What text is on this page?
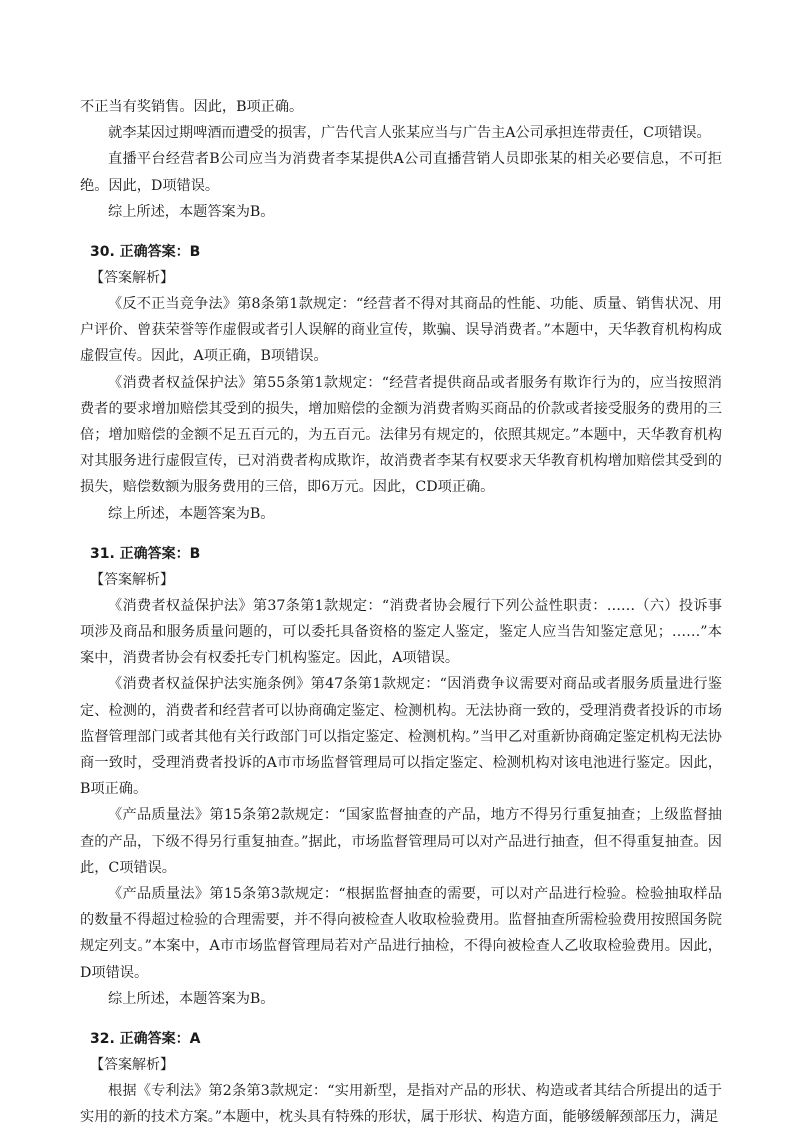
不正当有奖销售。因此，B项正确。

就李某因过期啤酒而遭受的损害，广告代言人张某应当与广告主A公司承担连带责任，C项错误。

直播平台经营者B公司应当为消费者李某提供A公司直播营销人员即张某的相关必要信息，不可拒绝。因此，D项错误。

综上所述，本题答案为B。

30. 正确答案：B

【答案解析】

《反不正当竞争法》第8条第1款规定：“经营者不得对其商品的性能、功能、质量、销售状况、用户评价、曾获荣誉等作虚假或者引人误解的商业宣传，欺骗、误导消费者。”本题中，天华教育机构构成虚假宣传。因此，A项正确，B项错误。

《消费者权益保护法》第55条第1款规定：“经营者提供商品或者服务有欺诈行为的，应当按照消费者的要求增加赔偿其受到的损失，增加赔偿的金额为消费者购买商品的价款或者接受服务的费用的三倍；增加赔偿的金额不足五百元的，为五百元。法律另有规定的，依照其规定。”本题中，天华教育机构对其服务进行虚假宣传，已对消费者构成欺诈，故消费者李某有权要求天华教育机构增加赔偿其受到的损失，赔偿数额为服务费用的三倍，即6万元。因此，CD项正确。

综上所述，本题答案为B。

31. 正确答案：B

【答案解析】

《消费者权益保护法》第37条第1款规定：“消费者协会履行下列公益性职责：……（六）投诉事项涉及商品和服务质量问题的，可以委托具备资格的鉴定人鉴定，鉴定人应当告知鉴定意见；……”本案中，消费者协会有权委托专门机构鉴定。因此，A项错误。

《消费者权益保护法实施条例》第47条第1款规定：“因消费争议需要对商品或者服务质量进行鉴定、检测的，消费者和经营者可以协商确定鉴定、检测机构。无法协商一致的，受理消费者投诉的市场监督管理部门或者其他有关行政部门可以指定鉴定、检测机构。”当甲乙对重新协商确定鉴定机构无法协商一致时，受理消费者投诉的A市市场监督管理局可以指定鉴定、检测机构对该电池进行鉴定。因此，B项正确。

《产品质量法》第15条第2款规定：“国家监督抽查的产品，地方不得另行重复抽查；上级监督抽查的产品，下级不得另行重复抽查。”据此，市场监督管理局可以对产品进行抽查，但不得重复抽查。因此，C项错误。

《产品质量法》第15条第3款规定：“根据监督抽查的需要，可以对产品进行检验。检验抽取样品的数量不得超过检验的合理需要，并不得向被检查人收取检验费用。监督抽查所需检验费用按照国务院规定列支。”本案中，A市市场监督管理局若对产品进行抽检，不得向被检查人乙收取检验费用。因此，D项错误。

综上所述，本题答案为B。

32. 正确答案：A

【答案解析】

根据《专利法》第2条第3款规定：“实用新型，是指对产品的形状、构造或者其结合所提出的适于实用的新的技术方案。”本题中，枕头具有特殊的形状，属于形状、构造方面，能够缓解颈部压力，满足
